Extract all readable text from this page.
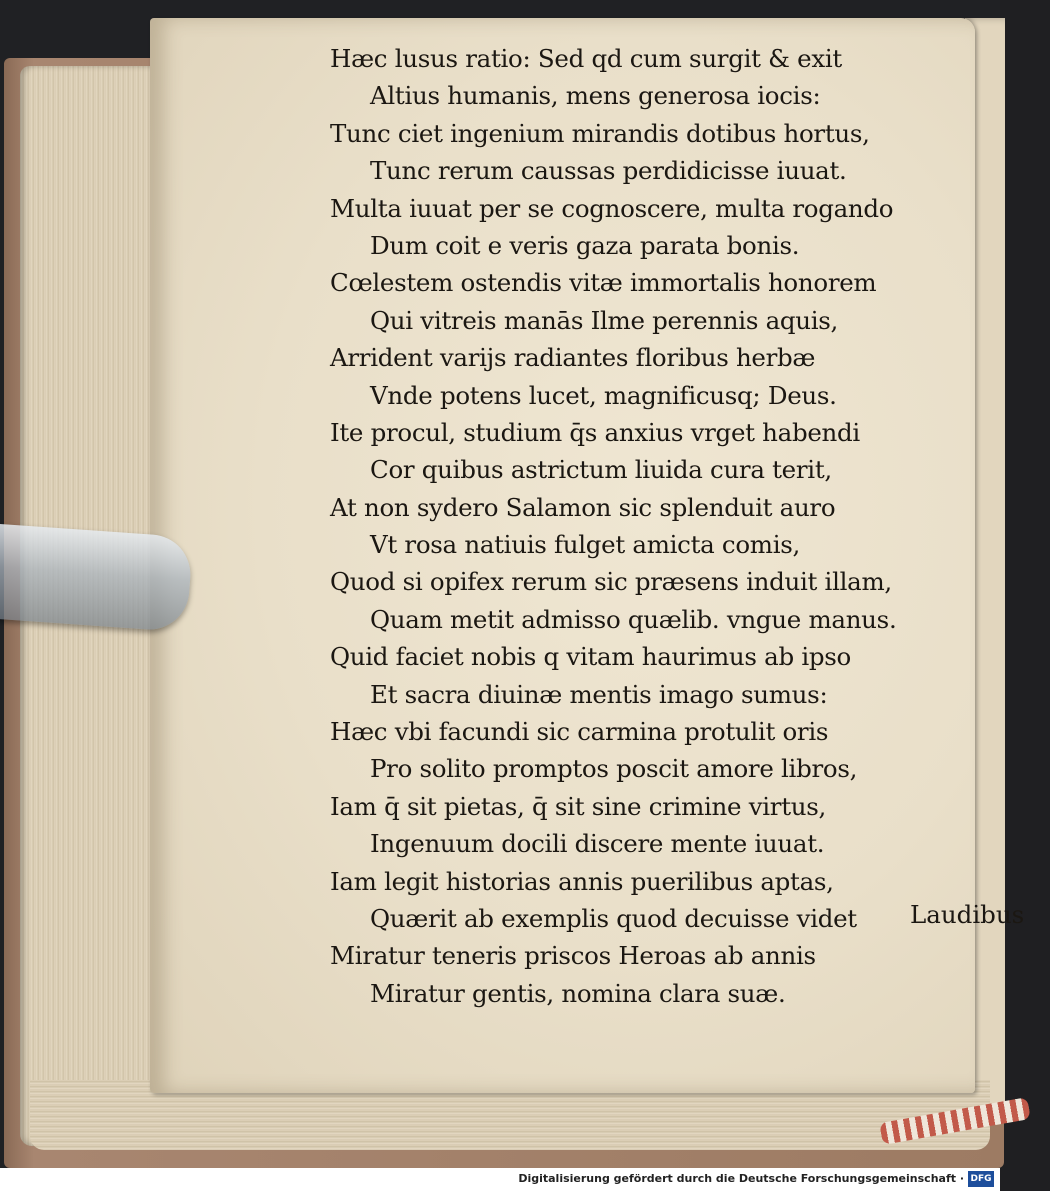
Hæc lusus ratio: Sed qd cum surgit & exit
Altius humanis, mens generosa iocis:
Tunc ciet ingenium mirandis dotibus hortus,
Tunc rerum caussas perdidicisse iuuat.
Multa iuuat per se cognoscere, multa rogando
Dum coit e veris gaza parata bonis.
Cœlestem ostendis vitæ immortalis honorem
Qui vitreis manās Ilme perennis aquis,
Arrident varijs radiantes floribus herbæ
Vnde potens lucet, magnificusq; Deus.
Ite procul, studium q̄s anxius vrget habendi
Cor quibus astrictum liuida cura terit,
At non sydero Salamon sic splenduit auro
Vt rosa natiuis fulget amicta comis,
Quod si opifex rerum sic præsens induit illam,
Quam metit admisso quælib. vngue manus.
Quid faciet nobis q vitam haurimus ab ipso
Et sacra diuinæ mentis imago sumus:
Hæc vbi facundi sic carmina protulit oris
Pro solito promptos poscit amore libros,
Iam q̄ sit pietas, q̄ sit sine crimine virtus,
Ingenuum docili discere mente iuuat.
Iam legit historias annis puerilibus aptas,
Quærit ab exemplis quod decuisse videt
Miratur teneris priscos Heroas ab annis
Miratur gentis, nomina clara suæ.
Laudibus
Digitalisierung gefördert durch die Deutsche Forschungsgemeinschaft · DFG
